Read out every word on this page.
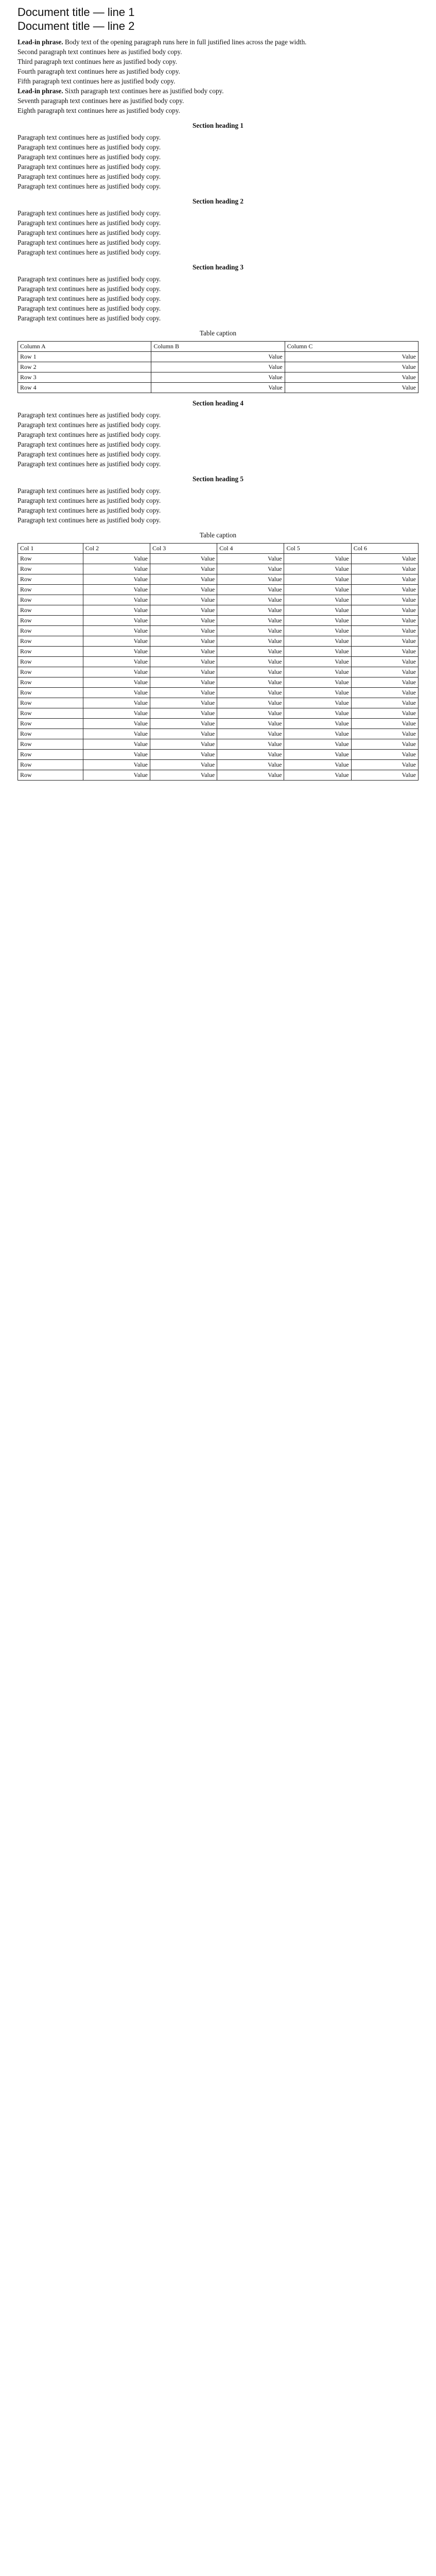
Document title — line 1
Document title — line 2

Lead-in phrase. Body text of the opening paragraph runs here in full justified lines across the page width.

Second paragraph text continues here as justified body copy.

Third paragraph text continues here as justified body copy.

Fourth paragraph text continues here as justified body copy.

Fifth paragraph text continues here as justified body copy.

Lead-in phrase. Sixth paragraph text continues here as justified body copy.

Seventh paragraph text continues here as justified body copy.

Eighth paragraph text continues here as justified body copy.

Section heading 1

Paragraph text continues here as justified body copy.

Paragraph text continues here as justified body copy.

Paragraph text continues here as justified body copy.

Paragraph text continues here as justified body copy.

Paragraph text continues here as justified body copy.

Paragraph text continues here as justified body copy.

Section heading 2

Paragraph text continues here as justified body copy.

Paragraph text continues here as justified body copy.

Paragraph text continues here as justified body copy.

Paragraph text continues here as justified body copy.

Paragraph text continues here as justified body copy.

Section heading 3

Paragraph text continues here as justified body copy.

Paragraph text continues here as justified body copy.

Paragraph text continues here as justified body copy.

Paragraph text continues here as justified body copy.

Paragraph text continues here as justified body copy.

Table caption
Column A	Column B	Column C
Row 1	Value	Value
Row 2	Value	Value
Row 3	Value	Value
Row 4	Value	Value
Section heading 4

Paragraph text continues here as justified body copy.

Paragraph text continues here as justified body copy.

Paragraph text continues here as justified body copy.

Paragraph text continues here as justified body copy.

Paragraph text continues here as justified body copy.

Paragraph text continues here as justified body copy.

Section heading 5

Paragraph text continues here as justified body copy.

Paragraph text continues here as justified body copy.

Paragraph text continues here as justified body copy.

Paragraph text continues here as justified body copy.

Table caption
Col 1	Col 2	Col 3	Col 4	Col 5	Col 6
Row	Value	Value	Value	Value	Value
Row	Value	Value	Value	Value	Value
Row	Value	Value	Value	Value	Value
Row	Value	Value	Value	Value	Value
Row	Value	Value	Value	Value	Value
Row	Value	Value	Value	Value	Value
Row	Value	Value	Value	Value	Value
Row	Value	Value	Value	Value	Value
Row	Value	Value	Value	Value	Value
Row	Value	Value	Value	Value	Value
Row	Value	Value	Value	Value	Value
Row	Value	Value	Value	Value	Value
Row	Value	Value	Value	Value	Value
Row	Value	Value	Value	Value	Value
Row	Value	Value	Value	Value	Value
Row	Value	Value	Value	Value	Value
Row	Value	Value	Value	Value	Value
Row	Value	Value	Value	Value	Value
Row	Value	Value	Value	Value	Value
Row	Value	Value	Value	Value	Value
Row	Value	Value	Value	Value	Value
Row	Value	Value	Value	Value	Value
